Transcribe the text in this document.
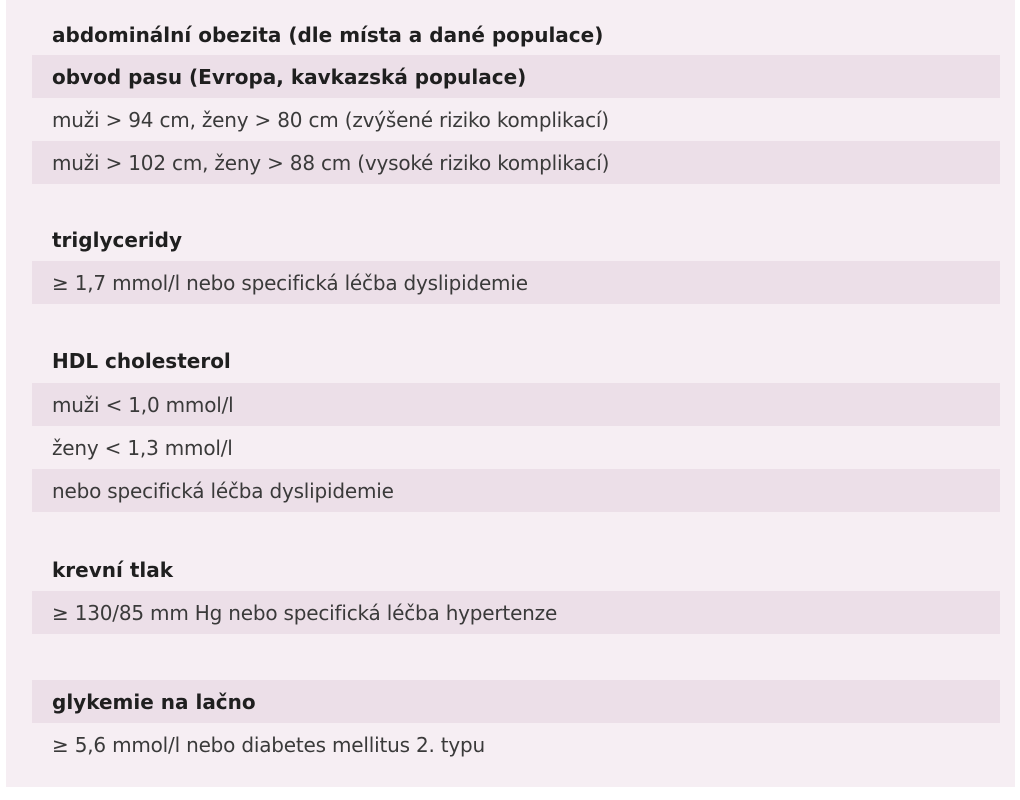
abdominální obezita (dle místa a dané populace)
obvod pasu (Evropa, kavkazská populace)
muži > 94 cm, ženy > 80 cm (zvýšené riziko komplikací)
muži > 102 cm, ženy > 88 cm (vysoké riziko komplikací)
triglyceridy
≥ 1,7 mmol/l nebo specifická léčba dyslipidemie
HDL cholesterol
muži < 1,0 mmol/l
ženy < 1,3 mmol/l
nebo specifická léčba dyslipidemie
krevní tlak
≥ 130/85 mm Hg nebo specifická léčba hypertenze
glykemie na lačno
≥ 5,6 mmol/l nebo diabetes mellitus 2. typu
